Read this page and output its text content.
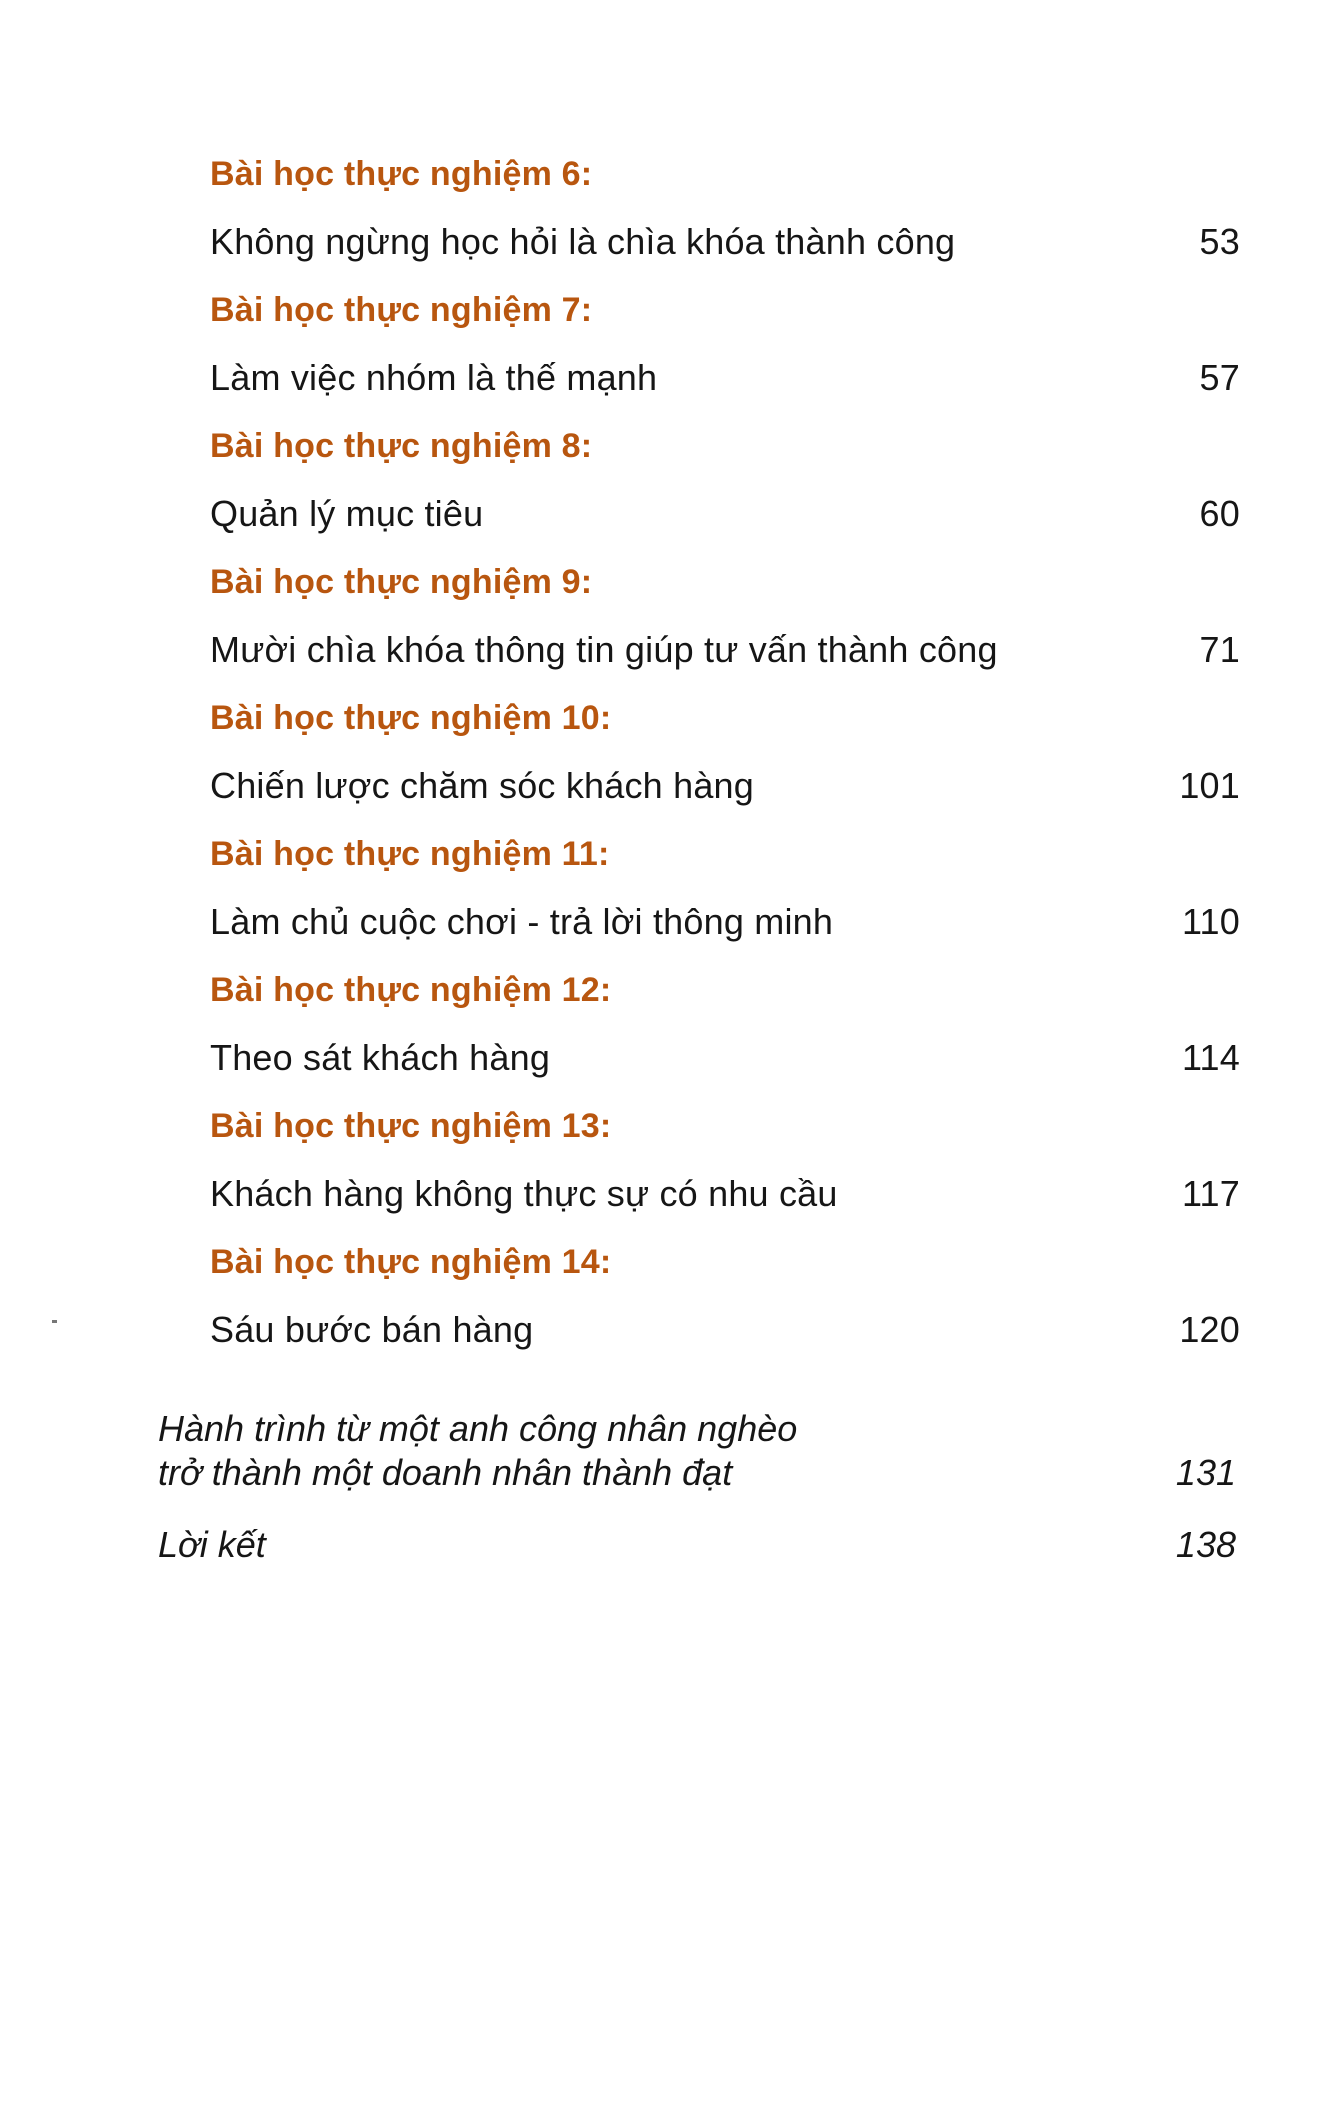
Bài học thực nghiệm 6:
Không ngừng học hỏi là chìa khóa thành công	53
Bài học thực nghiệm 7:
Làm việc nhóm là thế mạnh	57
Bài học thực nghiệm 8:
Quản lý mục tiêu	60
Bài học thực nghiệm 9:
Mười chìa khóa thông tin giúp tư vấn thành công	71
Bài học thực nghiệm 10:
Chiến lược chăm sóc khách hàng	101
Bài học thực nghiệm 11:
Làm chủ cuộc chơi - trả lời thông minh	110
Bài học thực nghiệm 12:
Theo sát khách hàng	114
Bài học thực nghiệm 13:
Khách hàng không thực sự có nhu cầu	117
Bài học thực nghiệm 14:
Sáu bước bán hàng	120
Hành trình từ một anh công nhân nghèo
trở thành một doanh nhân thành đạt	131
Lời kết	138
